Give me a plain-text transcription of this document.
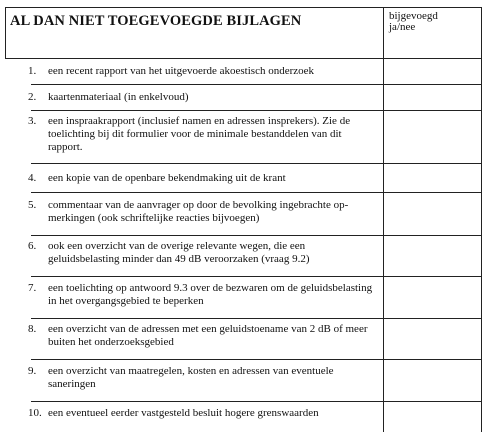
AL DAN NIET TOEGEVOEGDE BIJLAGEN	bijgevoegd
ja/nee
1. een recent rapport van het uitgevoerde akoestisch onderzoek
2. kaartenmateriaal (in enkelvoud)
3. een inspraakrapport (inclusief namen en adressen insprekers). Zie de toelichting bij dit formulier voor de minimale bestanddelen van dit rapport.
4. een kopie van de openbare bekendmaking uit de krant
5. commentaar van de aanvrager op door de bevolking ingebrachte op-merkingen (ook schriftelijke reacties bijvoegen)
6. ook een overzicht van de overige relevante wegen, die een geluidsbelasting minder dan 49 dB veroorzaken (vraag 9.2)
7. een toelichting op antwoord 9.3 over de bezwaren om de geluidsbelasting in het overgangsgebied te beperken
8. een overzicht van de adressen met een geluidstoename van 2 dB of meer buiten het onderzoeksgebied
9. een overzicht van maatregelen, kosten en adressen van eventuele saneringen
10. een eventueel eerder vastgesteld besluit hogere grenswaarden
